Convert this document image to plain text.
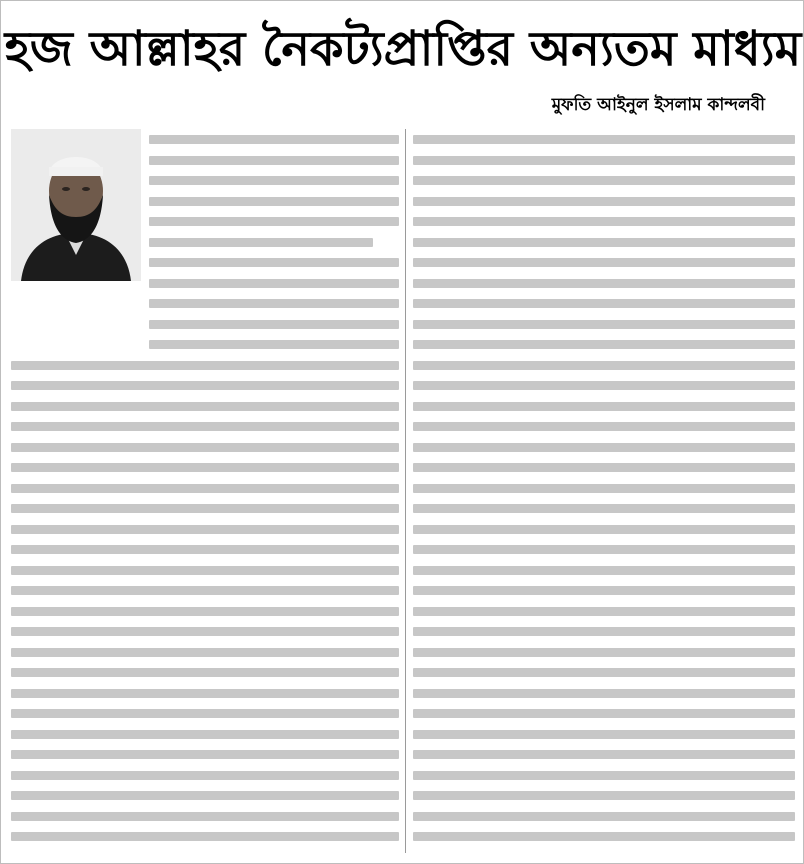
হজ আল্লাহর নৈকট্যপ্রাপ্তির অন্যতম মাধ্যম
মুফতি আইনুল ইসলাম কান্দলবী
